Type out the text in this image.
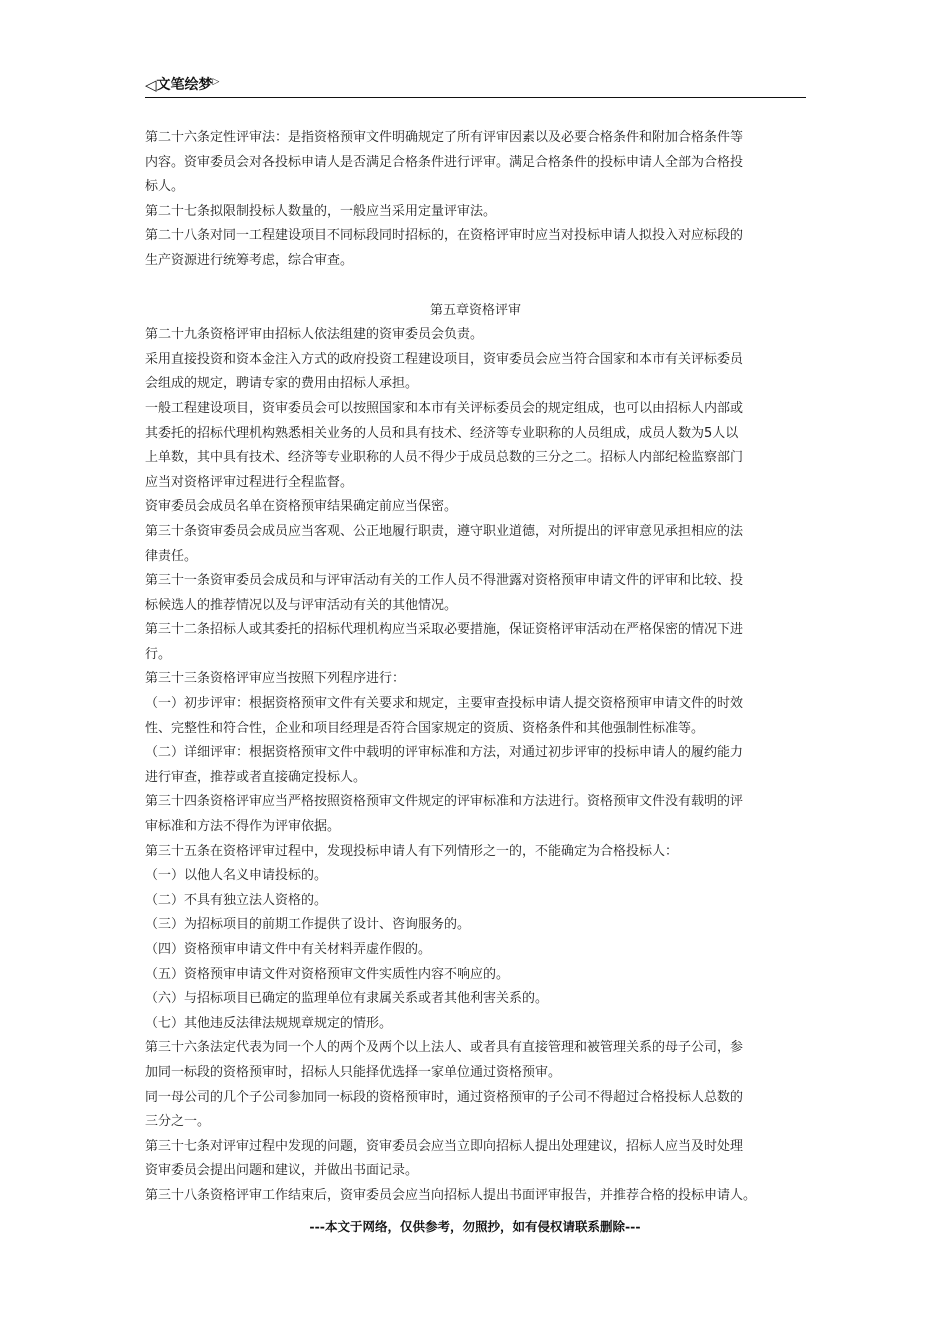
◁文笔绘梦▷
第二十六条定性评审法：是指资格预审文件明确规定了所有评审因素以及必要合格条件和附加合格条件等
内容。资审委员会对各投标申请人是否满足合格条件进行评审。满足合格条件的投标申请人全部为合格投
标人。
第二十七条拟限制投标人数量的，一般应当采用定量评审法。
第二十八条对同一工程建设项目不同标段同时招标的，在资格评审时应当对投标申请人拟投入对应标段的
生产资源进行统筹考虑，综合审查。
第五章资格评审
第二十九条资格评审由招标人依法组建的资审委员会负责。
采用直接投资和资本金注入方式的政府投资工程建设项目，资审委员会应当符合国家和本市有关评标委员
会组成的规定，聘请专家的费用由招标人承担。
一般工程建设项目，资审委员会可以按照国家和本市有关评标委员会的规定组成，也可以由招标人内部或
其委托的招标代理机构熟悉相关业务的人员和具有技术、经济等专业职称的人员组成，成员人数为5人以
上单数，其中具有技术、经济等专业职称的人员不得少于成员总数的三分之二。招标人内部纪检监察部门
应当对资格评审过程进行全程监督。
资审委员会成员名单在资格预审结果确定前应当保密。
第三十条资审委员会成员应当客观、公正地履行职责，遵守职业道德，对所提出的评审意见承担相应的法
律责任。
第三十一条资审委员会成员和与评审活动有关的工作人员不得泄露对资格预审申请文件的评审和比较、投
标候选人的推荐情况以及与评审活动有关的其他情况。
第三十二条招标人或其委托的招标代理机构应当采取必要措施，保证资格评审活动在严格保密的情况下进
行。
第三十三条资格评审应当按照下列程序进行：
（一）初步评审：根据资格预审文件有关要求和规定，主要审查投标申请人提交资格预审申请文件的时效
性、完整性和符合性，企业和项目经理是否符合国家规定的资质、资格条件和其他强制性标准等。
（二）详细评审：根据资格预审文件中载明的评审标准和方法，对通过初步评审的投标申请人的履约能力
进行审查，推荐或者直接确定投标人。
第三十四条资格评审应当严格按照资格预审文件规定的评审标准和方法进行。资格预审文件没有载明的评
审标准和方法不得作为评审依据。
第三十五条在资格评审过程中，发现投标申请人有下列情形之一的，不能确定为合格投标人：
（一）以他人名义申请投标的。
（二）不具有独立法人资格的。
（三）为招标项目的前期工作提供了设计、咨询服务的。
（四）资格预审申请文件中有关材料弄虚作假的。
（五）资格预审申请文件对资格预审文件实质性内容不响应的。
（六）与招标项目已确定的监理单位有隶属关系或者其他利害关系的。
（七）其他违反法律法规规章规定的情形。
第三十六条法定代表为同一个人的两个及两个以上法人、或者具有直接管理和被管理关系的母子公司，参
加同一标段的资格预审时，招标人只能择优选择一家单位通过资格预审。
同一母公司的几个子公司参加同一标段的资格预审时，通过资格预审的子公司不得超过合格投标人总数的
三分之一。
第三十七条对评审过程中发现的问题，资审委员会应当立即向招标人提出处理建议，招标人应当及时处理
资审委员会提出问题和建议，并做出书面记录。
第三十八条资格评审工作结束后，资审委员会应当向招标人提出书面评审报告，并推荐合格的投标申请人。
---本文于网络，仅供参考，勿照抄，如有侵权请联系删除---
